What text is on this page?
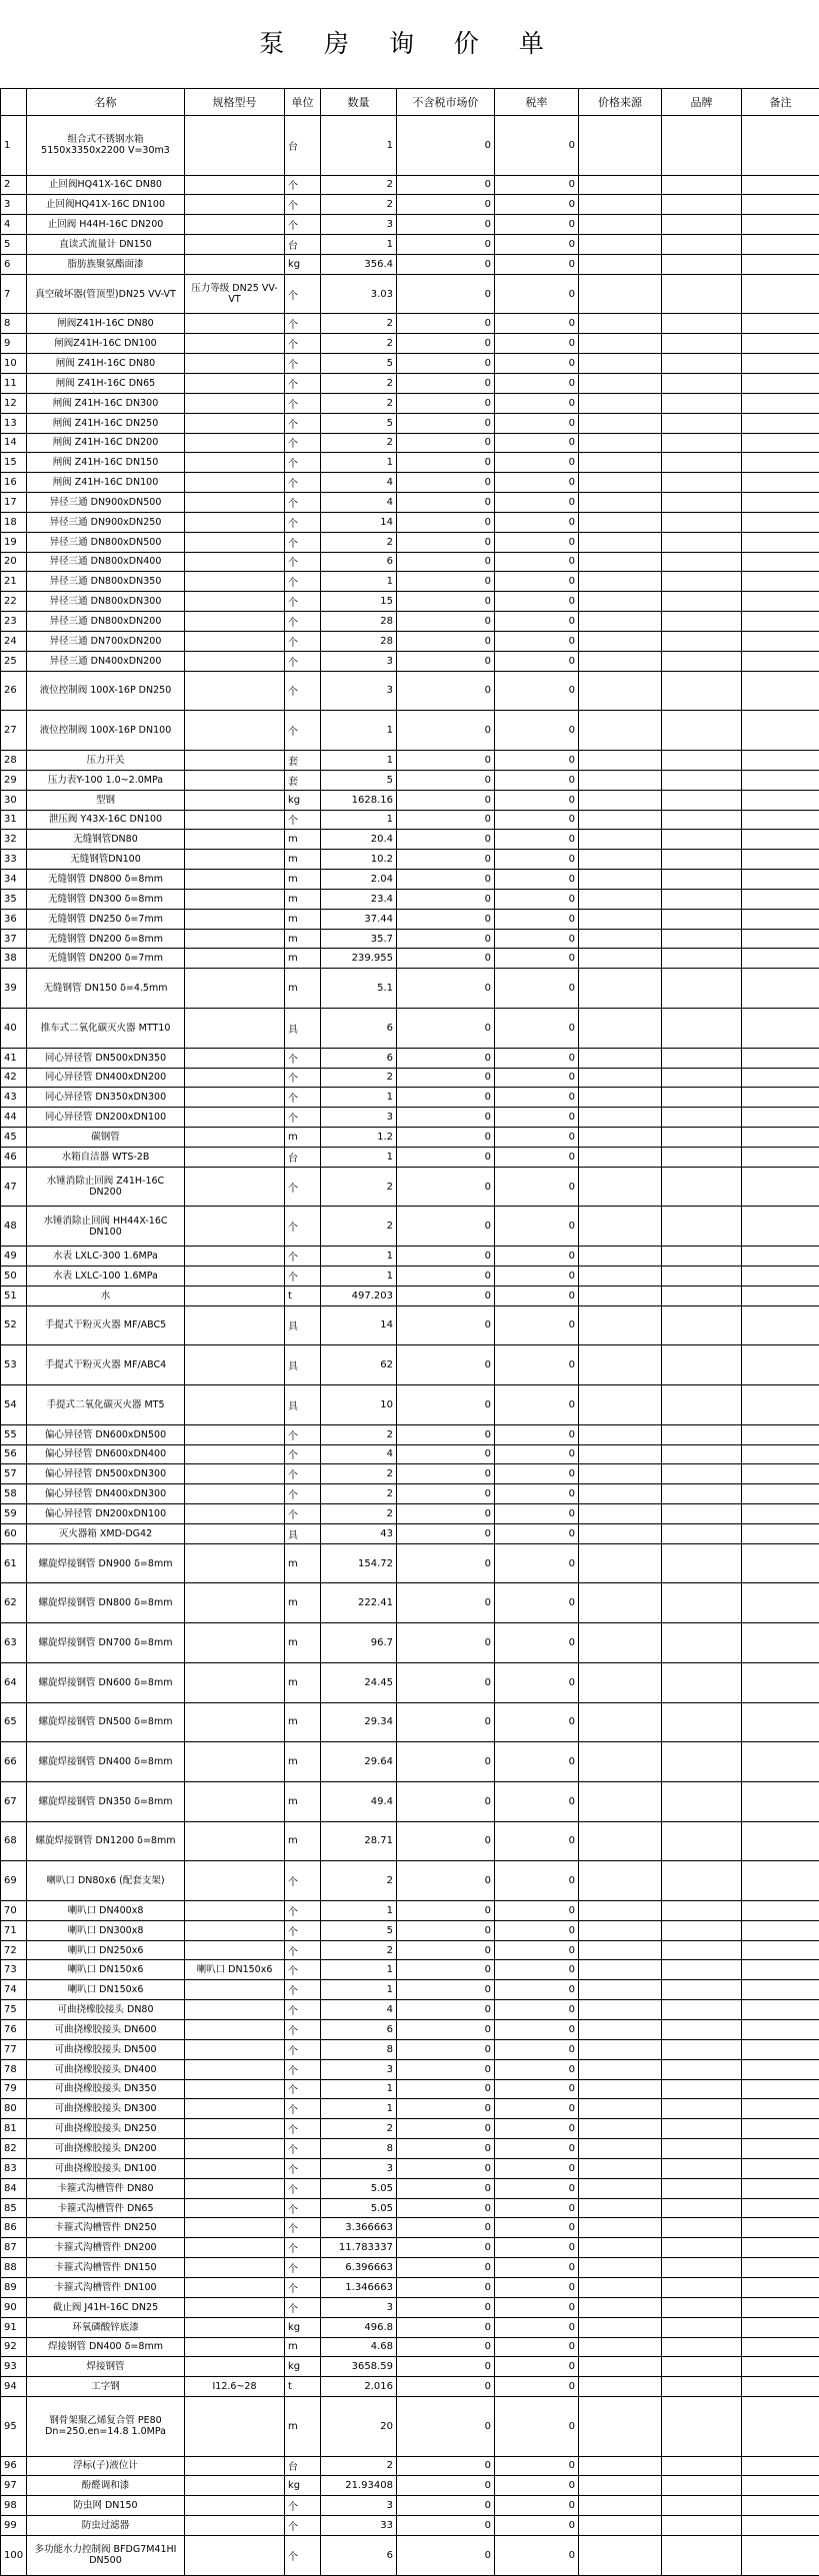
泵 房 询 价 单
	名称	规格型号	单位	数量	不含税市场价	税率	价格来源	品牌	备注
1	组合式不锈钢水箱 5150x3350x2200 V=30m3		台	1	0	0			
2	止回阀HQ41X-16C DN80		个	2	0	0			
3	止回阀HQ41X-16C DN100		个	2	0	0			
4	止回阀 H44H-16C DN200		个	3	0	0			
5	直读式流量计 DN150		台	1	0	0			
6	脂肪族聚氨酯面漆		kg	356.4	0	0			
7	真空破坏器(管顶型)DN25 VV-VT	压力等级 DN25 VV-VT	个	3.03	0	0			
8	闸阀Z41H-16C DN80		个	2	0	0			
9	闸阀Z41H-16C DN100		个	2	0	0			
10	闸阀 Z41H-16C DN80		个	5	0	0			
11	闸阀 Z41H-16C DN65		个	2	0	0			
12	闸阀 Z41H-16C DN300		个	2	0	0			
13	闸阀 Z41H-16C DN250		个	5	0	0			
14	闸阀 Z41H-16C DN200		个	2	0	0			
15	闸阀 Z41H-16C DN150		个	1	0	0			
16	闸阀 Z41H-16C DN100		个	4	0	0			
17	异径三通 DN900xDN500		个	4	0	0			
18	异径三通 DN900xDN250		个	14	0	0			
19	异径三通 DN800xDN500		个	2	0	0			
20	异径三通 DN800xDN400		个	6	0	0			
21	异径三通 DN800xDN350		个	1	0	0			
22	异径三通 DN800xDN300		个	15	0	0			
23	异径三通 DN800xDN200		个	28	0	0			
24	异径三通 DN700xDN200		个	28	0	0			
25	异径三通 DN400xDN200		个	3	0	0			
26	液位控制阀 100X-16P DN250		个	3	0	0			
27	液位控制阀 100X-16P DN100		个	1	0	0			
28	压力开关		套	1	0	0			
29	压力表Y-100 1.0~2.0MPa		套	5	0	0			
30	型钢		kg	1628.16	0	0			
31	泄压阀 Y43X-16C DN100		个	1	0	0			
32	无缝钢管DN80		m	20.4	0	0			
33	无缝钢管DN100		m	10.2	0	0			
34	无缝钢管 DN800 δ=8mm		m	2.04	0	0			
35	无缝钢管 DN300 δ=8mm		m	23.4	0	0			
36	无缝钢管 DN250 δ=7mm		m	37.44	0	0			
37	无缝钢管 DN200 δ=8mm		m	35.7	0	0			
38	无缝钢管 DN200 δ=7mm		m	239.955	0	0			
39	无缝钢管 DN150 δ=4.5mm		m	5.1	0	0			
40	推车式二氧化碳灭火器 MTT10		具	6	0	0			
41	同心异径管 DN500xDN350		个	6	0	0			
42	同心异径管 DN400xDN200		个	2	0	0			
43	同心异径管 DN350xDN300		个	1	0	0			
44	同心异径管 DN200xDN100		个	3	0	0			
45	碳钢管		m	1.2	0	0			
46	水箱自洁器 WTS-2B		台	1	0	0			
47	水锤消除止回阀 Z41H-16C DN200		个	2	0	0			
48	水锤消除止回阀 HH44X-16C DN100		个	2	0	0			
49	水表 LXLC-300 1.6MPa		个	1	0	0			
50	水表 LXLC-100 1.6MPa		个	1	0	0			
51	水		t	497.203	0	0			
52	手提式干粉灭火器 MF/ABC5		具	14	0	0			
53	手提式干粉灭火器 MF/ABC4		具	62	0	0			
54	手提式二氧化碳灭火器 MT5		具	10	0	0			
55	偏心异径管 DN600xDN500		个	2	0	0			
56	偏心异径管 DN600xDN400		个	4	0	0			
57	偏心异径管 DN500xDN300		个	2	0	0			
58	偏心异径管 DN400xDN300		个	2	0	0			
59	偏心异径管 DN200xDN100		个	2	0	0			
60	灭火器箱 XMD-DG42		具	43	0	0			
61	螺旋焊接钢管 DN900 δ=8mm		m	154.72	0	0			
62	螺旋焊接钢管 DN800 δ=8mm		m	222.41	0	0			
63	螺旋焊接钢管 DN700 δ=8mm		m	96.7	0	0			
64	螺旋焊接钢管 DN600 δ=8mm		m	24.45	0	0			
65	螺旋焊接钢管 DN500 δ=8mm		m	29.34	0	0			
66	螺旋焊接钢管 DN400 δ=8mm		m	29.64	0	0			
67	螺旋焊接钢管 DN350 δ=8mm		m	49.4	0	0			
68	螺旋焊接钢管 DN1200 δ=8mm		m	28.71	0	0			
69	喇叭口 DN80x6 (配套支架)		个	2	0	0			
70	喇叭口 DN400x8		个	1	0	0			
71	喇叭口 DN300x8		个	5	0	0			
72	喇叭口 DN250x6		个	2	0	0			
73	喇叭口 DN150x6	喇叭口 DN150x6	个	1	0	0			
74	喇叭口 DN150x6		个	1	0	0			
75	可曲挠橡胶接头 DN80		个	4	0	0			
76	可曲挠橡胶接头 DN600		个	6	0	0			
77	可曲挠橡胶接头 DN500		个	8	0	0			
78	可曲挠橡胶接头 DN400		个	3	0	0			
79	可曲挠橡胶接头 DN350		个	1	0	0			
80	可曲挠橡胶接头 DN300		个	1	0	0			
81	可曲挠橡胶接头 DN250		个	2	0	0			
82	可曲挠橡胶接头 DN200		个	8	0	0			
83	可曲挠橡胶接头 DN100		个	3	0	0			
84	卡箍式沟槽管件 DN80		个	5.05	0	0			
85	卡箍式沟槽管件 DN65		个	5.05	0	0			
86	卡箍式沟槽管件 DN250		个	3.366663	0	0			
87	卡箍式沟槽管件 DN200		个	11.783337	0	0			
88	卡箍式沟槽管件 DN150		个	6.396663	0	0			
89	卡箍式沟槽管件 DN100		个	1.346663	0	0			
90	截止阀 J41H-16C DN25		个	3	0	0			
91	环氧磷酸锌底漆		kg	496.8	0	0			
92	焊接钢管 DN400 δ=8mm		m	4.68	0	0			
93	焊接钢管		kg	3658.59	0	0			
94	工字钢	I12.6~28	t	2.016	0	0			
95	钢骨架聚乙烯复合管 PE80 Dn=250.en=14.8 1.0MPa		m	20	0	0			
96	浮标(子)液位计		台	2	0	0			
97	酚醛调和漆		kg	21.93408	0	0			
98	防虫网 DN150		个	3	0	0			
99	防虫过滤器		个	33	0	0			
100	多功能水力控制阀 BFDG7M41HI DN500		个	6	0	0			
